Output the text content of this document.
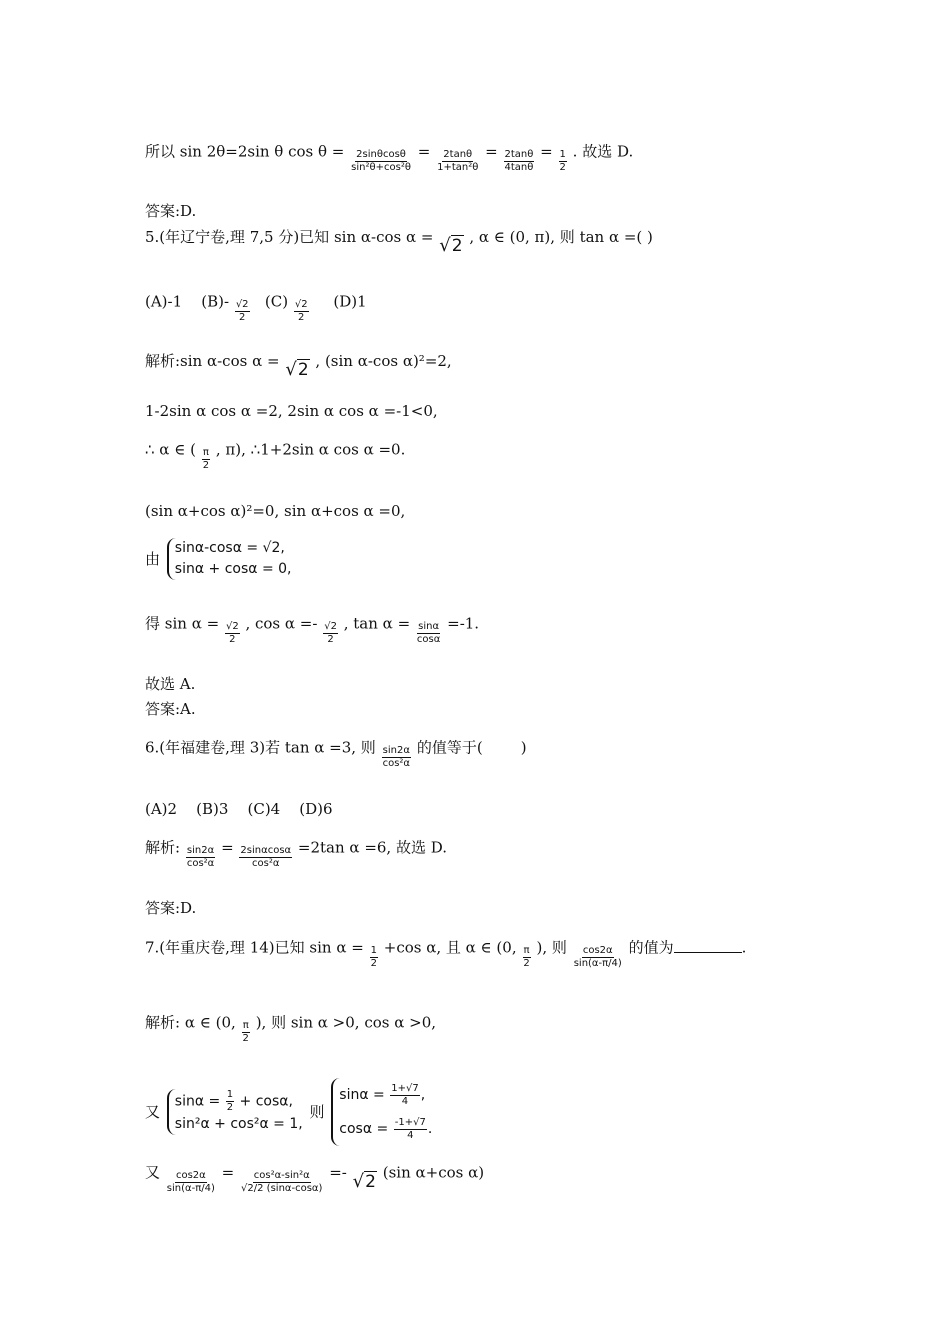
所以 sin 2θ=2sin θ $\cos \theta = \frac{2\sin\theta\cos\theta}{\text{sin²θ+cos²θ}} = \frac{2\tan\theta}{\text{1+tan²θ}} = \frac{2\tan\theta}{4\tan\theta} = \frac{1}{2}$ . 故选 D.
答案:D.
5.(年辽宁卷,理 7,5 分)已知 sin α-cos α = √2 , α ∈ (0, π), 则 tan α =( )
(A)-1    $(B)- \frac{√2}{2} (C) \frac{√2}{2} (D)1$
解析:sin α-cos α = √2 , (sin α-cos α)²=2,
1-2sin α cos α =2, 2sin α cos α =-1<0,
∴ α ∈ ( $\frac{\pi}{2}$ , π), ∴1+2sin α cos α =0.
(sin α+cos α)²=0, sin α+cos α =0,
由
sinα-cosα = √2,
sinα + cosα = 0,
得 $\sin \alpha = \frac{√2}{2}$ , $\cos \alpha =- \frac{√2}{2}$ , $\tan \alpha = \frac{\sin\alpha}{\cos\alpha} =-1$.
故选 A.
答案:A.
6.(年福建卷,理 3)若 tan α =3, 则 $\frac{\sin 2\alpha}{\text{cos²α}}$ 的值等于(        )
(A)2    (B)3    (C)4    (D)6
解析: $\frac{\sin 2\alpha}{\text{cos²α}} = \frac{2\sin\alpha\cos\alpha}{\text{cos²α}} =2\tan$ α =6, 故选 D.
答案:D.
7.(年重庆卷,理 14)已知 $\sin \alpha = \frac{1}{2} +\cos$ α, 且 α ∈ (0, $\frac{\pi}{2}$ ), 则 $\frac{\cos 2\alpha}{\sin(\alpha-\pi/4)}$ 的值为	.
解析: α ∈ (0, $\frac{\pi}{2}$ ), 则 sin α >0, cos α >0,
又
$\sin\alpha = \frac{1}{2} + \cos\alpha$,
sin²α + cos²α = 1,
则
$\sin\alpha = \frac{1+√7}{4}$ ,
$\cos\alpha = \frac{-1+√7}{4}$ .
又 $\frac{\cos 2\alpha}{\sin(\alpha-\pi/4)} = \frac{\text{cos²α-sin²α}}{√2/2 (\sin\alpha-\cos\alpha)} =- √2$ (sin α+cos α)
